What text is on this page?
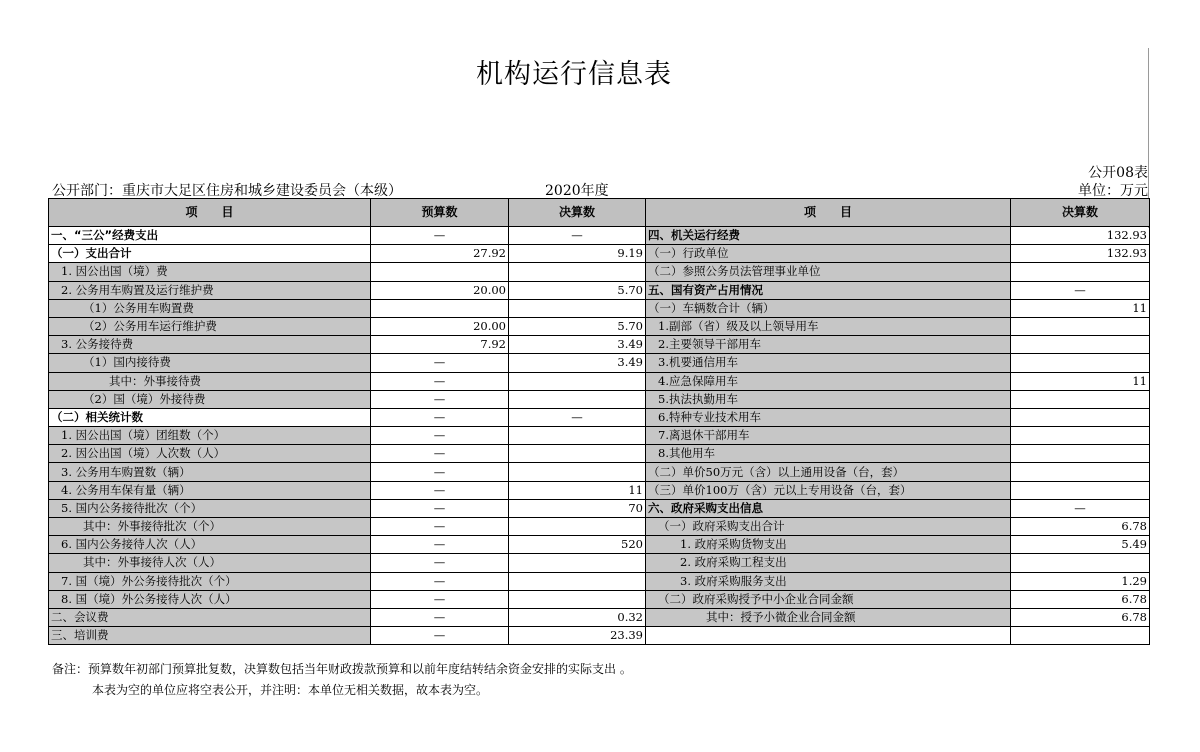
机构运行信息表
公开08表
公开部门：重庆市大足区住房和城乡建设委员会（本级）	2020年度	单位：万元
项　　目	预算数	决算数	项　　目	决算数
一、“三公”经费支出	—	—	四、机关运行经费	132.93
（一）支出合计	27.92	9.19	（一）行政单位	132.93
1. 因公出国（境）费			（二）参照公务员法管理事业单位	
2. 公务用车购置及运行维护费	20.00	5.70	五、国有资产占用情况	—
（1）公务用车购置费			（一）车辆数合计（辆）	11
（2）公务用车运行维护费	20.00	5.70	1.副部（省）级及以上领导用车	
3. 公务接待费	7.92	3.49	2.主要领导干部用车	
（1）国内接待费	—	3.49	3.机要通信用车	
其中：外事接待费	—		4.应急保障用车	11
（2）国（境）外接待费	—		5.执法执勤用车	
（二）相关统计数	—	—	6.特种专业技术用车	
1. 因公出国（境）团组数（个）	—		7.离退休干部用车	
2. 因公出国（境）人次数（人）	—		8.其他用车	
3. 公务用车购置数（辆）	—		（二）单价50万元（含）以上通用设备（台，套）	
4. 公务用车保有量（辆）	—	11	（三）单价100万（含）元以上专用设备（台，套）	
5. 国内公务接待批次（个）	—	70	六、政府采购支出信息	—
其中：外事接待批次（个）	—		（一）政府采购支出合计	6.78
6. 国内公务接待人次（人）	—	520	1. 政府采购货物支出	5.49
其中：外事接待人次（人）	—		2. 政府采购工程支出	
7. 国（境）外公务接待批次（个）	—		3. 政府采购服务支出	1.29
8. 国（境）外公务接待人次（人）	—		（二）政府采购授予中小企业合同金额	6.78
二、会议费	—	0.32	其中：授予小微企业合同金额	6.78
三、培训费	—	23.39		
备注：预算数年初部门预算批复数，决算数包括当年财政拨款预算和以前年度结转结余资金安排的实际支出 。
本表为空的单位应将空表公开，并注明：本单位无相关数据，故本表为空。
